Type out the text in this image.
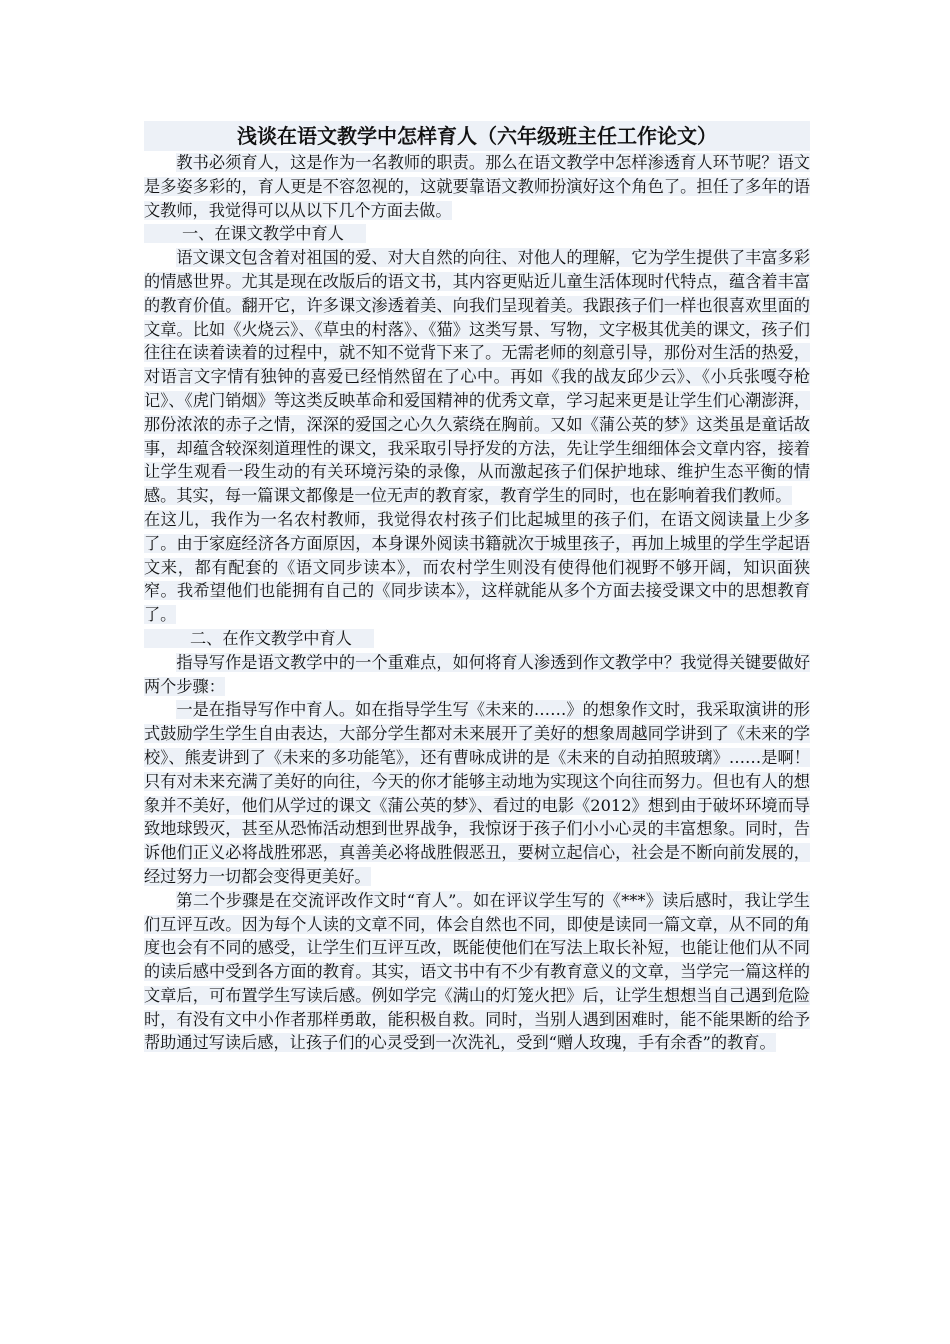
浅谈在语文教学中怎样育人（六年级班主任工作论文）

教书必须育人，这是作为一名教师的职责。那么在语文教学中怎样渗透育人环节呢？语文是多姿多彩的，育人更是不容忽视的，这就要靠语文教师扮演好这个角色了。担任了多年的语文教师，我觉得可以从以下几个方面去做。

一、在课文教学中育人

语文课文包含着对祖国的爱、对大自然的向往、对他人的理解，它为学生提供了丰富多彩的情感世界。尤其是现在改版后的语文书，其内容更贴近儿童生活体现时代特点，蕴含着丰富的教育价值。翻开它，许多课文渗透着美、向我们呈现着美。我跟孩子们一样也很喜欢里面的文章。比如《火烧云》、《草虫的村落》、《猫》这类写景、写物，文字极其优美的课文，孩子们往往在读着读着的过程中，就不知不觉背下来了。无需老师的刻意引导，那份对生活的热爱，对语言文字情有独钟的喜爱已经悄然留在了心中。再如《我的战友邱少云》、《小兵张嘎夺枪记》、《虎门销烟》等这类反映革命和爱国精神的优秀文章，学习起来更是让学生们心潮澎湃，那份浓浓的赤子之情，深深的爱国之心久久萦绕在胸前。又如《蒲公英的梦》这类虽是童话故事，却蕴含较深刻道理性的课文，我采取引导抒发的方法，先让学生细细体会文章内容，接着让学生观看一段生动的有关环境污染的录像，从而激起孩子们保护地球、维护生态平衡的情感。其实，每一篇课文都像是一位无声的教育家，教育学生的同时，也在影响着我们教师。

在这儿，我作为一名农村教师，我觉得农村孩子们比起城里的孩子们，在语文阅读量上少多了。由于家庭经济各方面原因，本身课外阅读书籍就次于城里孩子，再加上城里的学生学起语文来，都有配套的《语文同步读本》，而农村学生则没有使得他们视野不够开阔，知识面狭窄。我希望他们也能拥有自己的《同步读本》，这样就能从多个方面去接受课文中的思想教育了。

二、在作文教学中育人

指导写作是语文教学中的一个重难点，如何将育人渗透到作文教学中？我觉得关键要做好两个步骤：

一是在指导写作中育人。如在指导学生写《未来的……》的想象作文时，我采取演讲的形式鼓励学生学生自由表达，大部分学生都对未来展开了美好的想象周越同学讲到了《未来的学校》、熊麦讲到了《未来的多功能笔》，还有曹咏成讲的是《未来的自动拍照玻璃》……是啊！只有对未来充满了美好的向往，今天的你才能够主动地为实现这个向往而努力。但也有人的想象并不美好，他们从学过的课文《蒲公英的梦》、看过的电影《2012》想到由于破坏环境而导致地球毁灭，甚至从恐怖活动想到世界战争，我惊讶于孩子们小小心灵的丰富想象。同时，告诉他们正义必将战胜邪恶，真善美必将战胜假恶丑，要树立起信心，社会是不断向前发展的，经过努力一切都会变得更美好。

第二个步骤是在交流评改作文时“育人”。如在评议学生写的《***》读后感时，我让学生们互评互改。因为每个人读的文章不同，体会自然也不同，即使是读同一篇文章，从不同的角度也会有不同的感受，让学生们互评互改，既能使他们在写法上取长补短，也能让他们从不同的读后感中受到各方面的教育。其实，语文书中有不少有教育意义的文章，当学完一篇这样的文章后，可布置学生写读后感。例如学完《满山的灯笼火把》后，让学生想想当自己遇到危险时，有没有文中小作者那样勇敢，能积极自救。同时，当别人遇到困难时，能不能果断的给予帮助通过写读后感，让孩子们的心灵受到一次洗礼，受到“赠人玫瑰，手有余香”的教育。
